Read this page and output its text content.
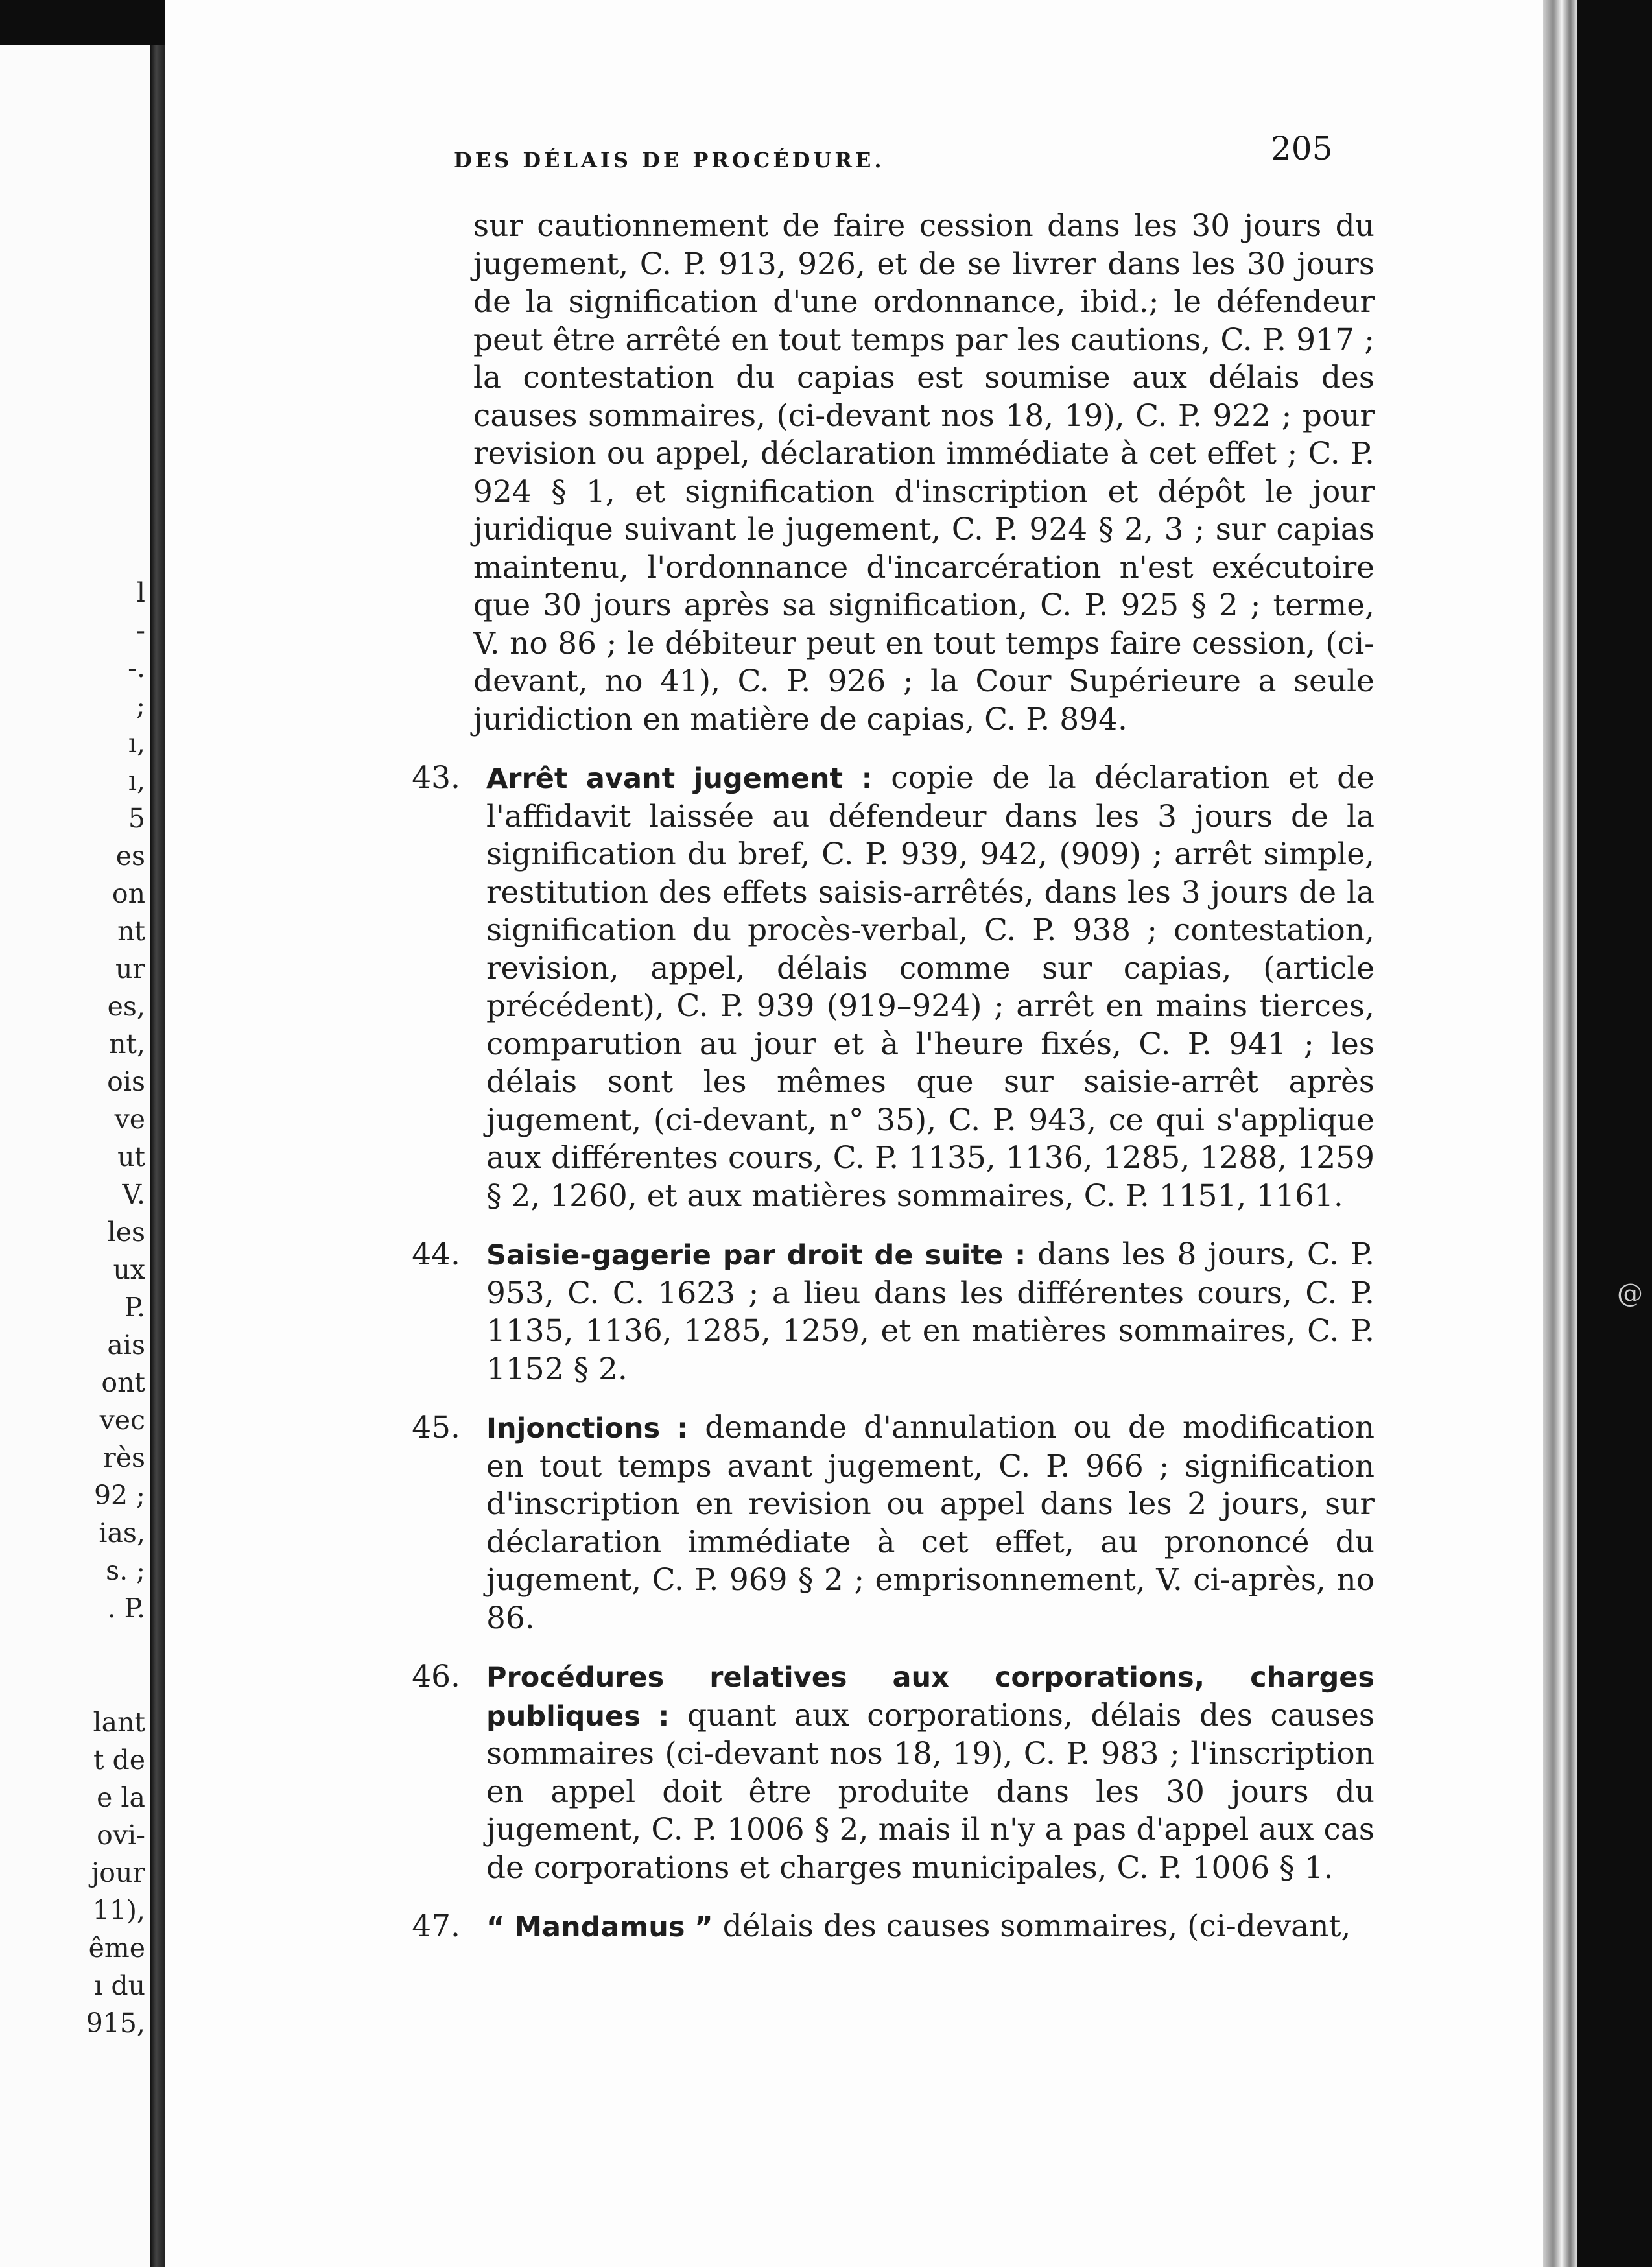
l
-
-.
;
ı,
ı,
5
es
on
nt
ur
es,
nt,
ois
ve
ut
V.
les
ux
P.
ais
ont
vec
rès
92 ;
ias,
s. ;
. P.
lant
t de
e la
ovi-
jour
11),
ême
ı du
915,
DES DÉLAIS DE PROCÉDURE.	205

sur cautionnement de faire cession dans les 30 jours du jugement, C. P. 913, 926, et de se livrer dans les 30 jours de la signification d'une ordonnance, ibid.; le défendeur peut être arrêté en tout temps par les cautions, C. P. 917 ; la contestation du capias est soumise aux délais des causes sommaires, (ci-devant nos 18, 19), C. P. 922 ; pour revision ou appel, déclaration immédiate à cet effet ; C. P. 924 § 1, et signification d'inscription et dépôt le jour juridique suivant le jugement, C. P. 924 § 2, 3 ; sur capias maintenu, l'ordonnance d'incarcération n'est exécutoire que 30 jours après sa signification, C. P. 925 § 2 ; terme, V. no 86 ; le débiteur peut en tout temps faire cession, (ci-devant, no 41), C. P. 926 ; la Cour Supérieure a seule juridiction en matière de capias, C. P. 894.

43. Arrêt avant jugement : copie de la déclaration et de l'affidavit laissée au défendeur dans les 3 jours de la signification du bref, C. P. 939, 942, (909) ; arrêt simple, restitution des effets saisis-arrêtés, dans les 3 jours de la signification du procès-verbal, C. P. 938 ; contestation, revision, appel, délais comme sur capias, (article précédent), C. P. 939 (919–924) ; arrêt en mains tierces, comparution au jour et à l'heure fixés, C. P. 941 ; les délais sont les mêmes que sur saisie-arrêt après jugement, (ci-devant, n° 35), C. P. 943, ce qui s'applique aux différentes cours, C. P. 1135, 1136, 1285, 1288, 1259 § 2, 1260, et aux matières sommaires, C. P. 1151, 1161.
44. Saisie-gagerie par droit de suite : dans les 8 jours, C. P. 953, C. C. 1623 ; a lieu dans les différentes cours, C. P. 1135, 1136, 1285, 1259, et en matières sommaires, C. P. 1152 § 2.
45. Injonctions : demande d'annulation ou de modification en tout temps avant jugement, C. P. 966 ; signification d'inscription en revision ou appel dans les 2 jours, sur déclaration immédiate à cet effet, au prononcé du jugement, C. P. 969 § 2 ; emprisonnement, V. ci-après, no 86.
46. Procédures relatives aux corporations, charges publiques : quant aux corporations, délais des causes sommaires (ci-devant nos 18, 19), C. P. 983 ; l'inscription en appel doit être produite dans les 30 jours du jugement, C. P. 1006 § 2, mais il n'y a pas d'appel aux cas de corporations et charges municipales, C. P. 1006 § 1.
47. “ Mandamus ” délais des causes sommaires, (ci-devant,
@
